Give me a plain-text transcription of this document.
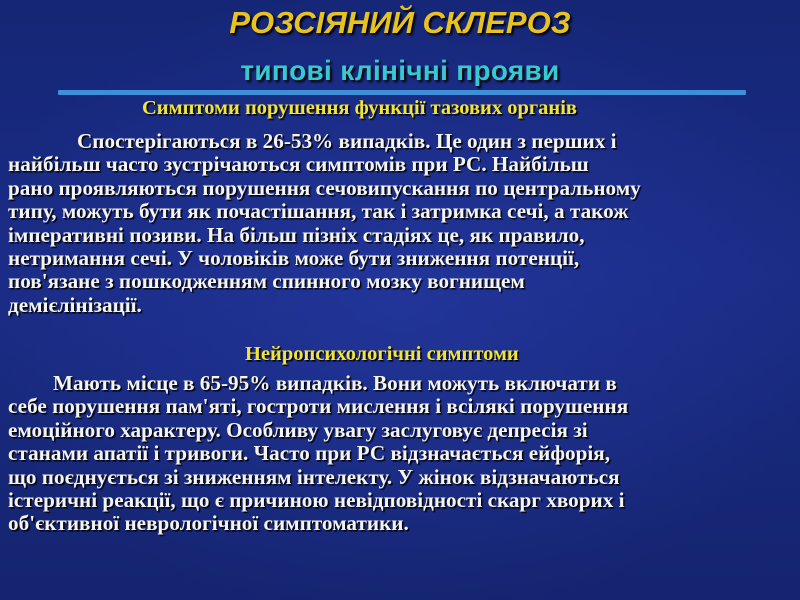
РОЗСІЯНИЙ СКЛЕРОЗ
типові клінічні прояви
Симптоми порушення функції тазових органів

Спостерігаються в 26-53% випадків. Це один з перших і
найбільш часто зустрічаються симптомів при РС. Найбільш
рано проявляються порушення сечовипускання по центральному
типу, можуть бути як почастішання, так і затримка сечі, а також
імперативні позиви. На більш пізніх стадіях це, як правило,
нетримання сечі. У чоловіків може бути зниження потенції,
пов'язане з пошкодженням спинного мозку вогнищем
демієлінізації.

Нейропсихологічні симптоми

Мають місце в 65-95% випадків. Вони можуть включати в
себе порушення пам'яті, гостроти мислення і всілякі порушення
емоційного характеру. Особливу увагу заслуговує депресія зі
станами апатії і тривоги. Часто при РС відзначається ейфорія,
що поєднується зі зниженням інтелекту. У жінок відзначаються
істеричні реакції, що є причиною невідповідності скарг хворих і
об'єктивної неврологічної симптоматики.
